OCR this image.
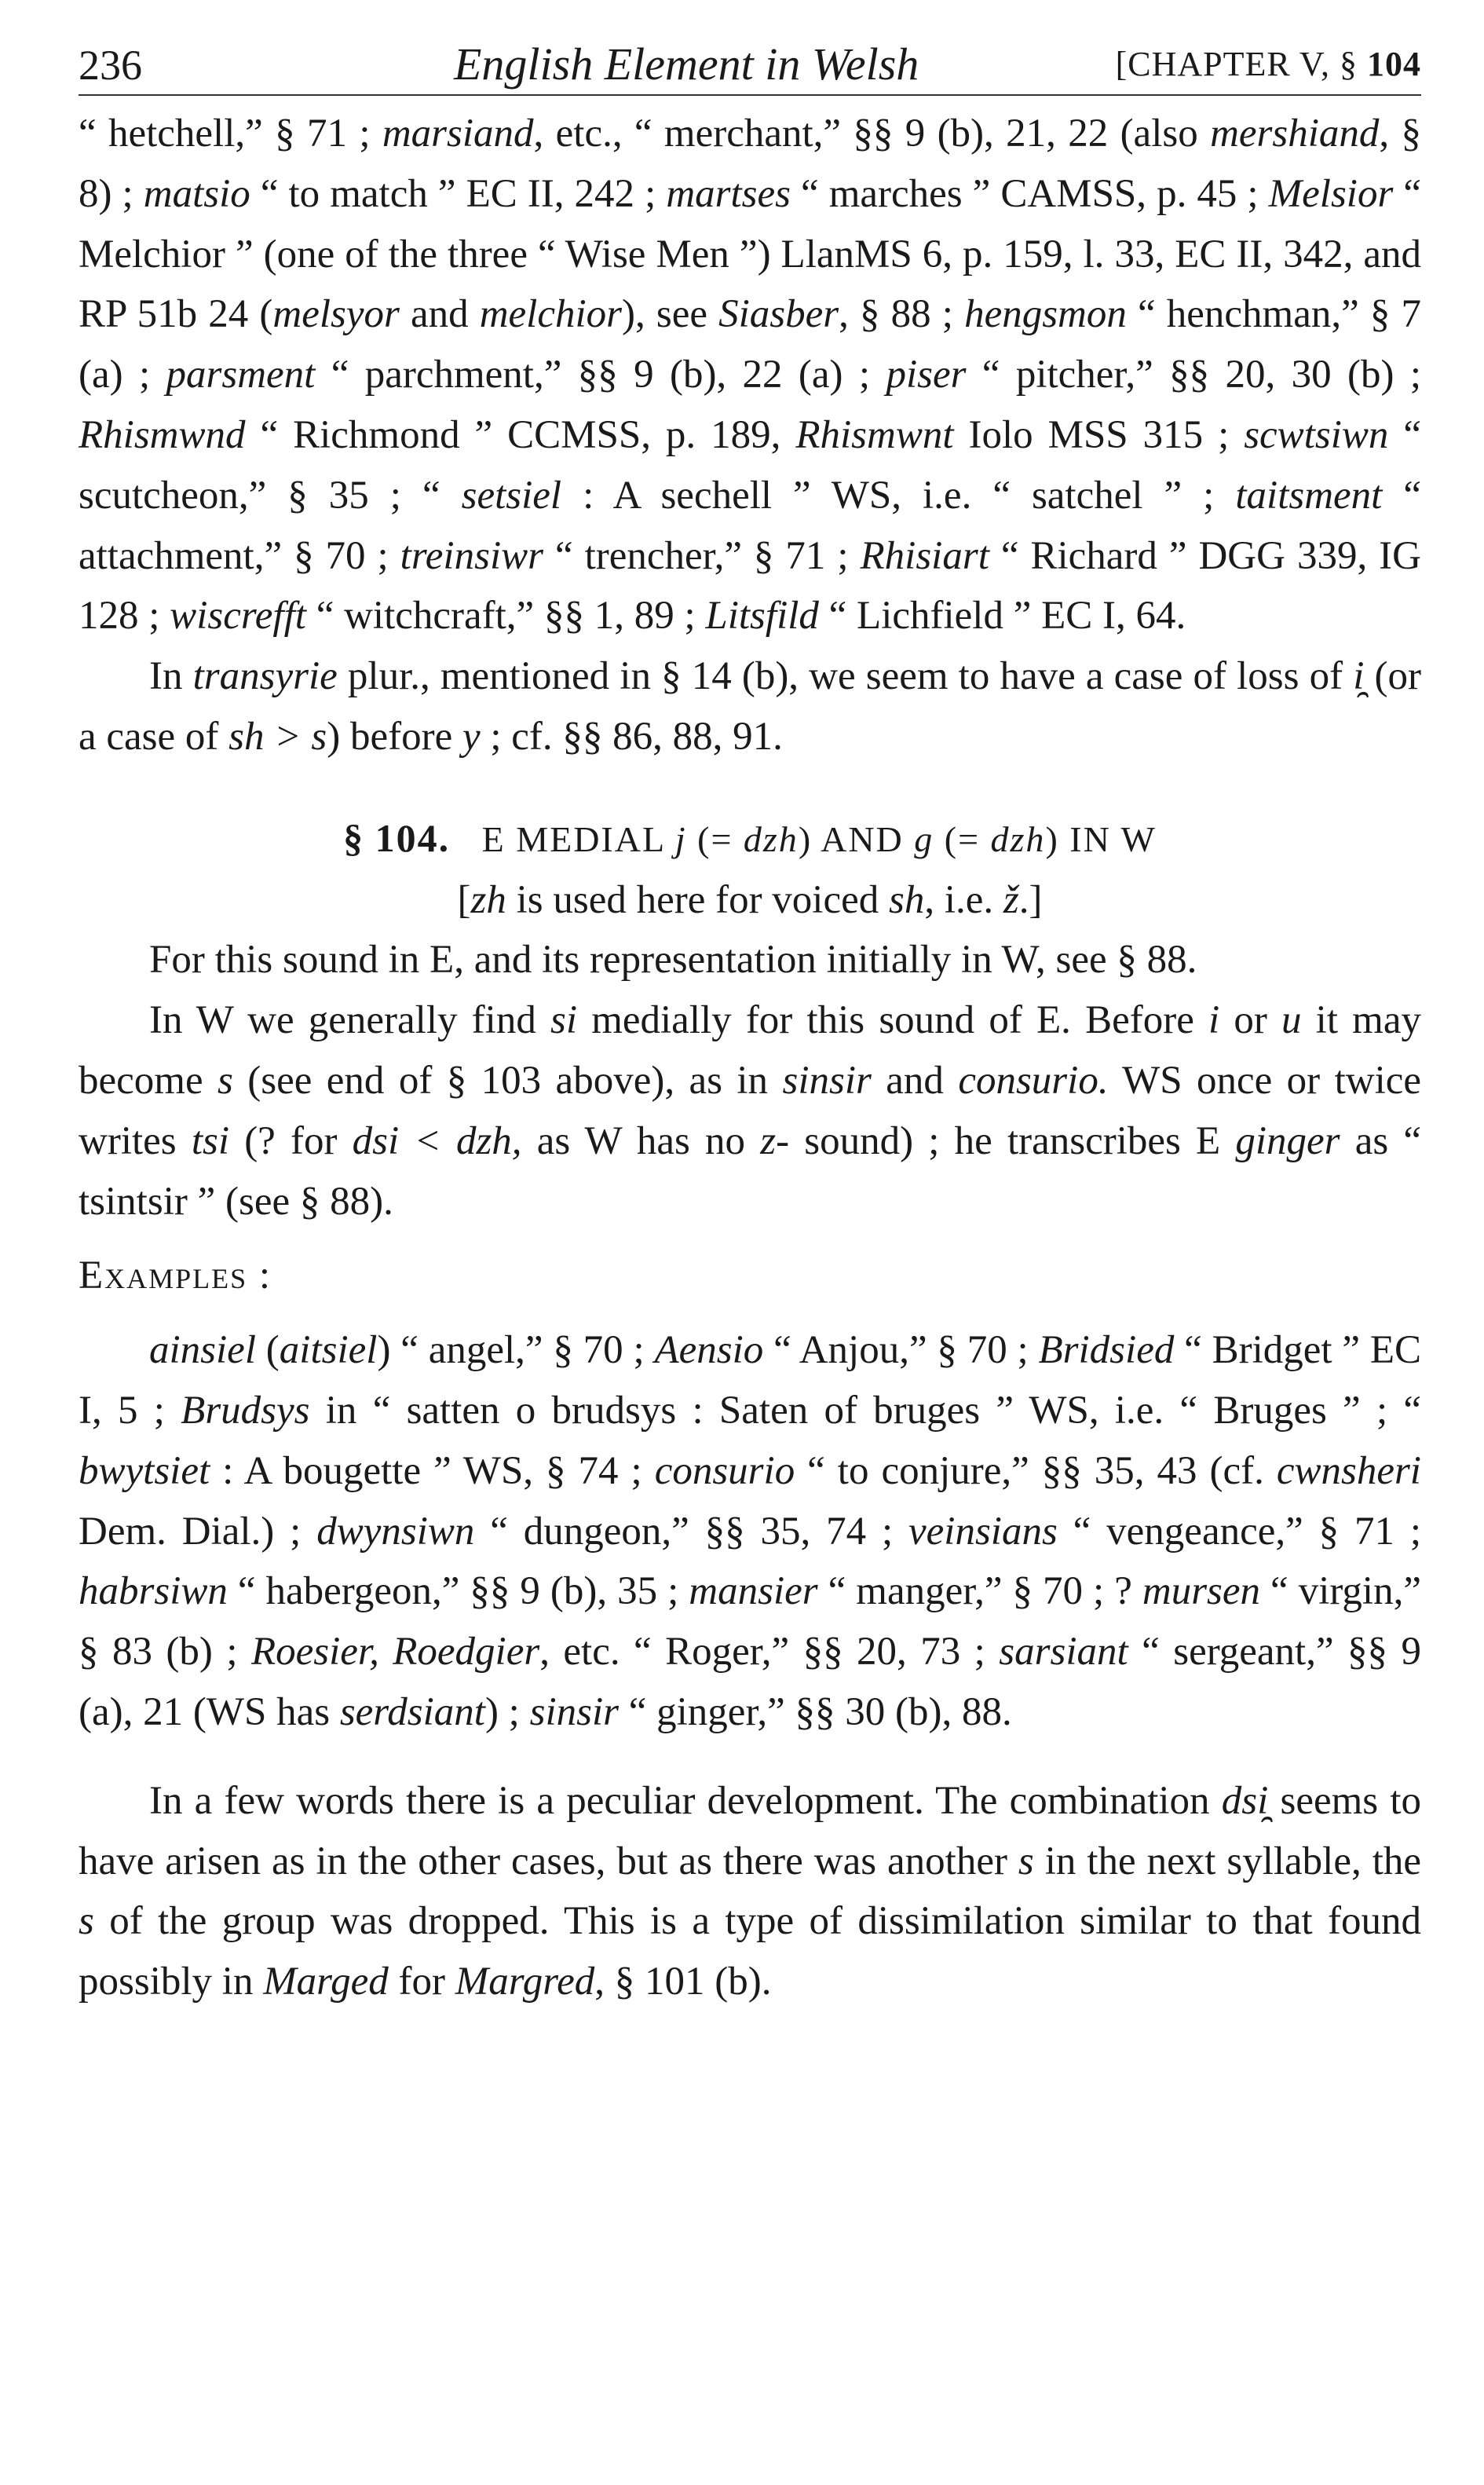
236	English Element in Welsh	[CHAPTER V, § 104

“ hetchell,” § 71 ; marsiand, etc., “ merchant,” §§ 9 (b), 21, 22 (also mershiand, § 8) ; matsio “ to match ” EC II, 242 ; martses “ marches ” CAMSS, p. 45 ; Melsior “ Melchior ” (one of the three “ Wise Men ”) LlanMS 6, p. 159, l. 33, EC II, 342, and RP 51b 24 (melsyor and melchior), see Siasber, § 88 ; hengsmon “ henchman,” § 7 (a) ; parsment “ parchment,” §§ 9 (b), 22 (a) ; piser “ pitcher,” §§ 20, 30 (b) ; Rhismwnd “ Richmond ” CCMSS, p. 189, Rhismwnt Iolo MSS 315 ; scwtsiwn “ scutcheon,” § 35 ; “ setsiel : A sechell ” WS, i.e. “ satchel ” ; taitsment “ attachment,” § 70 ; treinsiwr “ trencher,” § 71 ; Rhisiart “ Richard ” DGG 339, IG 128 ; wiscrefft “ witchcraft,” §§ 1, 89 ; Litsfild “ Lichfield ” EC I, 64.

In transyrie plur., mentioned in § 14 (b), we seem to have a case of loss of i̯ (or a case of sh > s) before y ; cf. §§ 86, 88, 91.

§ 104. E MEDIAL j (= dzh) AND g (= dzh) IN W

[zh is used here for voiced sh, i.e. ž.]

For this sound in E, and its representation initially in W, see § 88.

In W we generally find si medially for this sound of E. Before i or u it may become s (see end of § 103 above), as in sinsir and consurio. WS once or twice writes tsi (? for dsi < dzh, as W has no z- sound) ; he transcribes E ginger as “ tsintsir ” (see § 88).

Examples :

ainsiel (aitsiel) “ angel,” § 70 ; Aensio “ Anjou,” § 70 ; Bridsied “ Bridget ” EC I, 5 ; Brudsys in “ satten o brudsys : Saten of bruges ” WS, i.e. “ Bruges ” ; “ bwytsiet : A bougette ” WS, § 74 ; consurio “ to conjure,” §§ 35, 43 (cf. cwnsheri Dem. Dial.) ; dwynsiwn “ dungeon,” §§ 35, 74 ; veinsians “ vengeance,” § 71 ; habrsiwn “ habergeon,” §§ 9 (b), 35 ; mansier “ manger,” § 70 ; ? mursen “ virgin,” § 83 (b) ; Roesier, Roedgier, etc. “ Roger,” §§ 20, 73 ; sarsiant “ sergeant,” §§ 9 (a), 21 (WS has serdsiant) ; sinsir “ ginger,” §§ 30 (b), 88.

In a few words there is a peculiar development. The combination dsi̯ seems to have arisen as in the other cases, but as there was another s in the next syllable, the s of the group was dropped. This is a type of dissimilation similar to that found possibly in Marged for Margred, § 101 (b).
